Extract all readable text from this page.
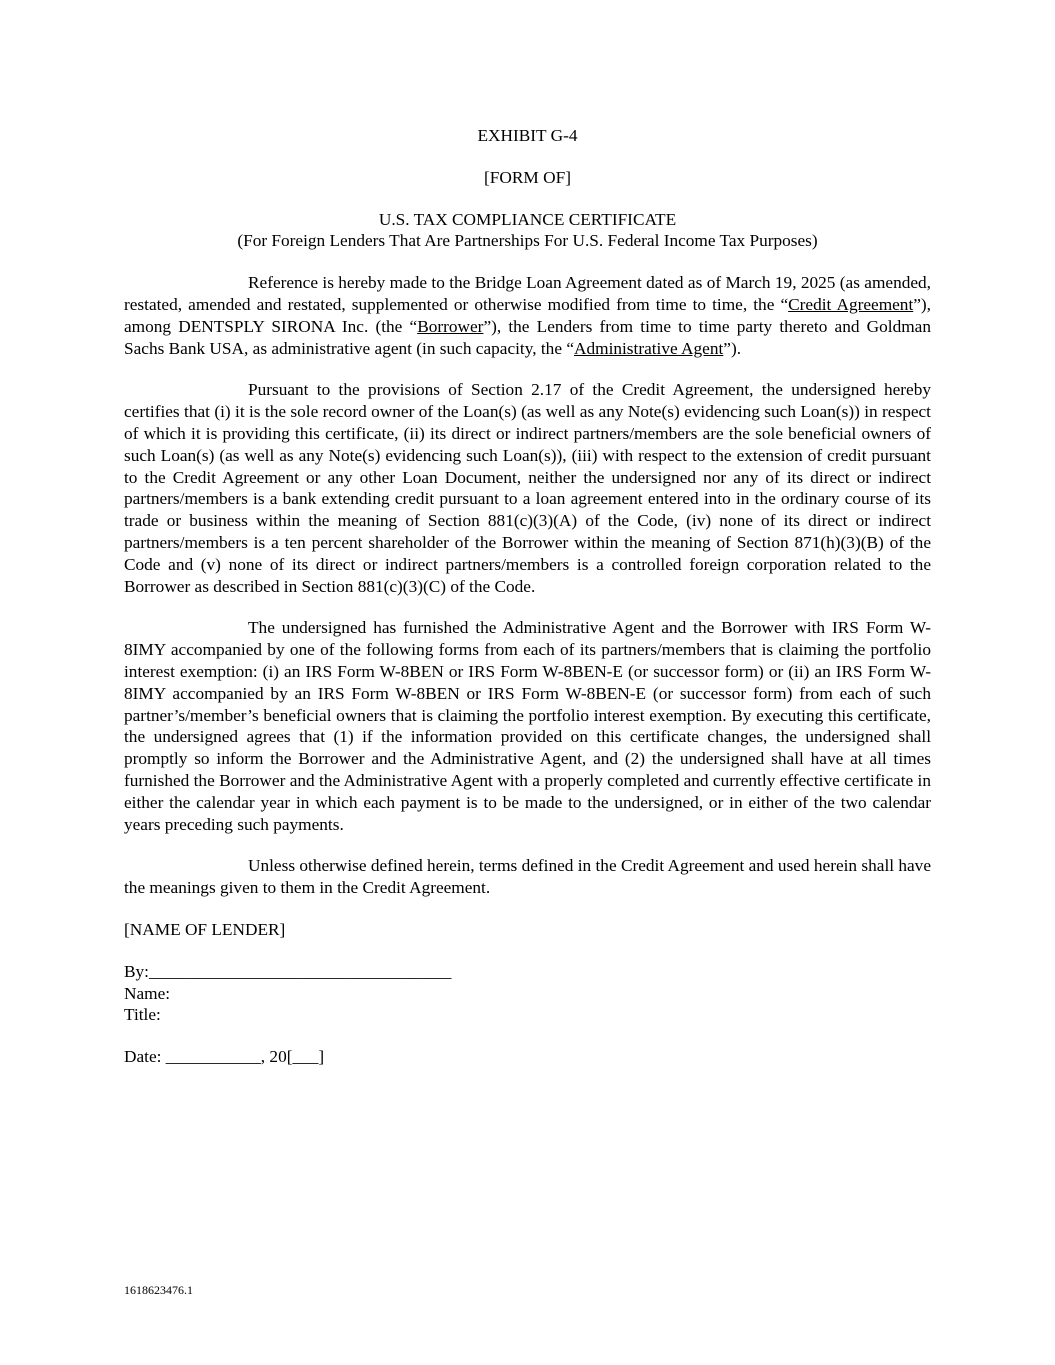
EXHIBIT G-4
[FORM OF]
U.S. TAX COMPLIANCE CERTIFICATE
(For Foreign Lenders That Are Partnerships For U.S. Federal Income Tax Purposes)

Reference is hereby made to the Bridge Loan Agreement dated as of March 19, 2025 (as amended, restated, amended and restated, supplemented or otherwise modified from time to time, the “Credit Agreement”), among DENTSPLY SIRONA Inc. (the “Borrower”), the Lenders from time to time party thereto and Goldman Sachs Bank USA, as administrative agent (in such capacity, the “Administrative Agent”).

Pursuant to the provisions of Section 2.17 of the Credit Agreement, the undersigned hereby certifies that (i) it is the sole record owner of the Loan(s) (as well as any Note(s) evidencing such Loan(s)) in respect of which it is providing this certificate, (ii) its direct or indirect partners/members are the sole beneficial owners of such Loan(s) (as well as any Note(s) evidencing such Loan(s)), (iii) with respect to the extension of credit pursuant to the Credit Agreement or any other Loan Document, neither the undersigned nor any of its direct or indirect partners/members is a bank extending credit pursuant to a loan agreement entered into in the ordinary course of its trade or business within the meaning of Section 881(c)(3)(A) of the Code, (iv) none of its direct or indirect partners/members is a ten percent shareholder of the Borrower within the meaning of Section 871(h)(3)(B) of the Code and (v) none of its direct or indirect partners/members is a controlled foreign corporation related to the Borrower as described in Section 881(c)(3)(C) of the Code.

The undersigned has furnished the Administrative Agent and the Borrower with IRS Form W-8IMY accompanied by one of the following forms from each of its partners/members that is claiming the portfolio interest exemption: (i) an IRS Form W-8BEN or IRS Form W-8BEN-E (or successor form) or (ii) an IRS Form W-8IMY accompanied by an IRS Form W-8BEN or IRS Form W-8BEN-E (or successor form) from each of such partner’s/member’s beneficial owners that is claiming the portfolio interest exemption. By executing this certificate, the undersigned agrees that (1) if the information provided on this certificate changes, the undersigned shall promptly so inform the Borrower and the Administrative Agent, and (2) the undersigned shall have at all times furnished the Borrower and the Administrative Agent with a properly completed and currently effective certificate in either the calendar year in which each payment is to be made to the undersigned, or in either of the two calendar years preceding such payments.

Unless otherwise defined herein, terms defined in the Credit Agreement and used herein shall have the meanings given to them in the Credit Agreement.

[NAME OF LENDER]
By:___________________________________
Name:
Title:
Date: ___________, 20[___]
1618623476.1
